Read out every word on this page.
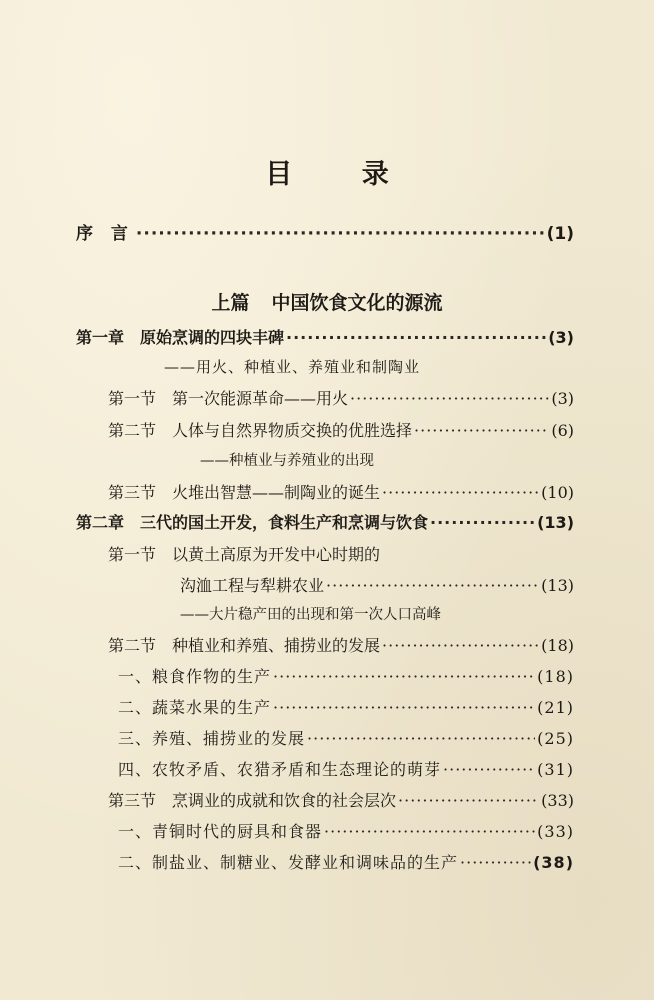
目 录
序 言 ·····	(1)
上篇 中国饮食文化的源流
第一章　原始烹调的四块丰碑 ·····	(3)
——用火、种植业、养殖业和制陶业
第一节　第一次能源革命——用火 ·····	(3)
第二节　人体与自然界物质交换的优胜选择 ·····	(6)
——种植业与养殖业的出现
第三节　火堆出智慧——制陶业的诞生 ·····	(10)
第二章　三代的国土开发，食料生产和烹调与饮食 ·····	(13)
第一节　以黄土高原为开发中心时期的
沟洫工程与犁耕农业 ·····	(13)
——大片稳产田的出现和第一次人口高峰
第二节　种植业和养殖、捕捞业的发展 ·····	(18)
一、粮食作物的生产 ·····	(18)
二、蔬菜水果的生产 ·····	(21)
三、养殖、捕捞业的发展 ·····	(25)
四、农牧矛盾、农猎矛盾和生态理论的萌芽 ·····	(31)
第三节　烹调业的成就和饮食的社会层次 ·····	(33)
一、青铜时代的厨具和食器 ·····	(33)
二、制盐业、制糖业、发酵业和调味品的生产 ·····	(38)
